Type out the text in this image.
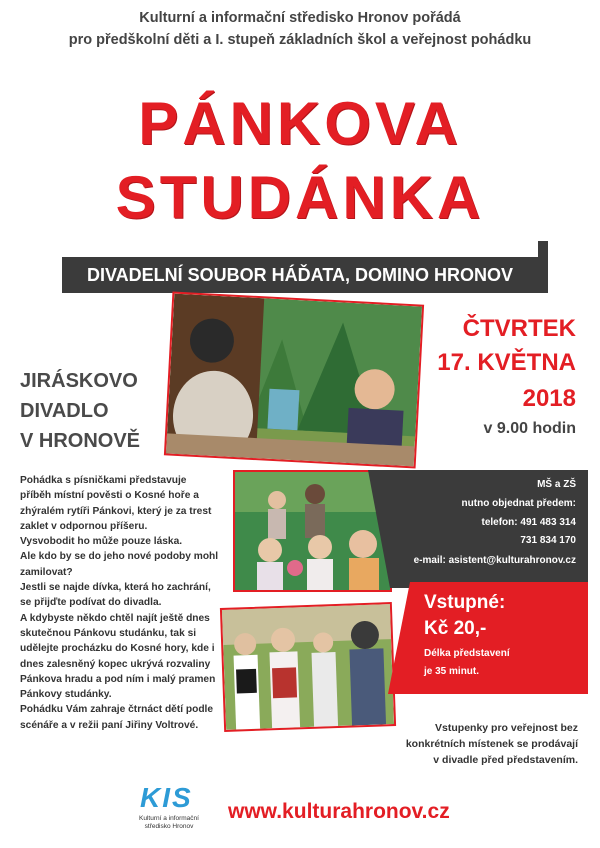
Kulturní a informační středisko Hronov pořádá
pro předškolní děti a I. stupeň základních škol a veřejnost pohádku
PÁNKOVA
STUDÁNKA
DIVADELNÍ SOUBOR HÁĎATA, DOMINO HRONOV
JIRÁSKOVO
DIVADLO
V HRONOVĚ
ČTVRTEK
17. KVĚTNA
2018
v 9.00 hodin

Pohádka s písničkami představuje příběh místní pověsti o Kosné hoře a zhýralém rytíři Pánkovi, který je za trest zaklet v odpornou příšeru.

Vysvobodit ho může pouze láska.

Ale kdo by se do jeho nové podoby mohl zamilovat?

Jestli se najde dívka, která ho zachrání, se přijďte podívat do divadla.

A kdybyste někdo chtěl najít ještě dnes skutečnou Pánkovu studánku, tak si udělejte procházku do Kosné hory, kde i dnes zalesněný kopec ukrývá rozvaliny Pánkova hradu a pod ním i malý pramen Pánkovy studánky.

Pohádku Vám zahraje čtrnáct dětí podle scénáře a v režii paní Jiřiny Voltrové.

MŠ a ZŠ
nutno objednat předem:
telefon: 491 483 314
731 834 170
e-mail: asistent@kulturahronov.cz
Vstupné:
Kč 20,-
Délka představení
je 35 minut.
Vstupenky pro veřejnost bez
konkrétních místenek se prodávají
v divadle před představením.
KIS
Kulturní a informační
středisko Hronov
www.kulturahronov.cz
